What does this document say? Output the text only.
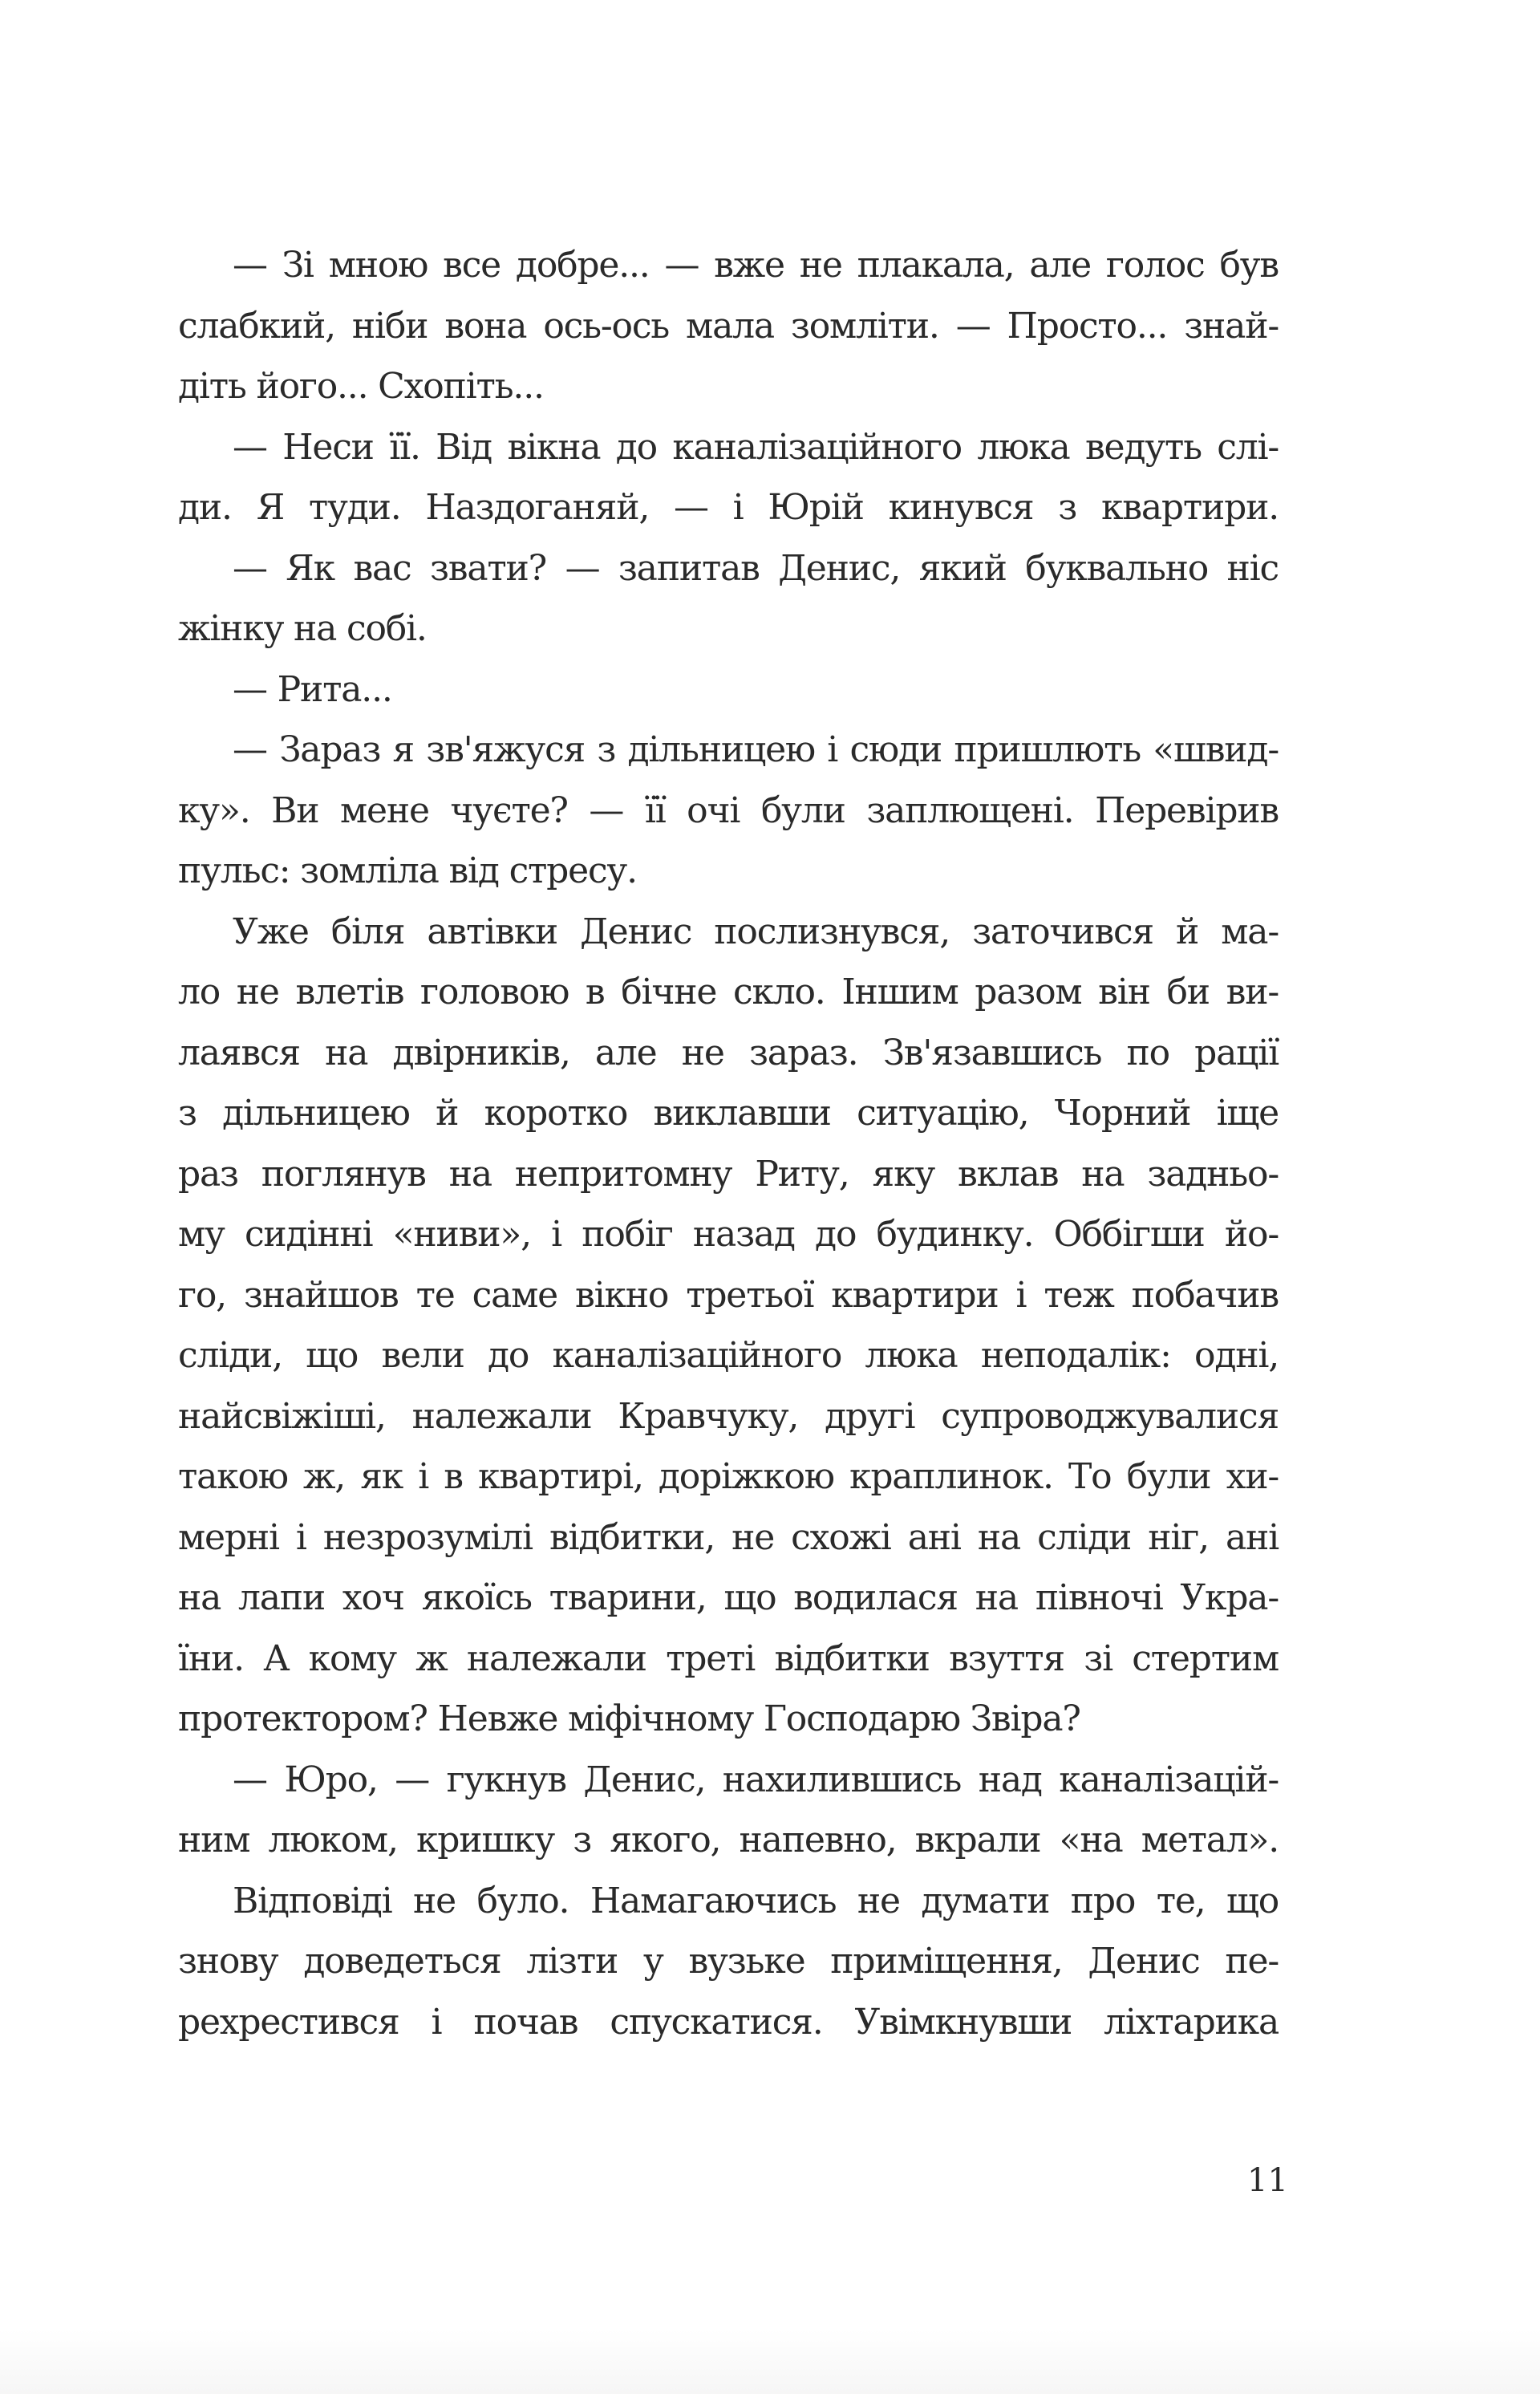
— Зі мною все добре... — вже не плакала, але голос був
слабкий, ніби вона ось-ось мала зомліти. — Просто... знай-
діть його... Схопіть...
— Неси її. Від вікна до каналізаційного люка ведуть слі-
ди. Я туди. Наздоганяй, — і Юрій кинувся з квартири.
— Як вас звати? — запитав Денис, який буквально ніс
жінку на собі.
— Рита...
— Зараз я зв'яжуся з дільницею і сюди пришлють «швид-
ку». Ви мене чуєте? — її очі були заплющені. Перевірив
пульс: зомліла від стресу.
Уже біля автівки Денис послизнувся, заточився й ма-
ло не влетів головою в бічне скло. Іншим разом він би ви-
лаявся на двірників, але не зараз. Зв'язавшись по рації
з дільницею й коротко виклавши ситуацію, Чорний іще
раз поглянув на непритомну Риту, яку вклав на задньо-
му сидінні «ниви», і побіг назад до будинку. Оббігши йо-
го, знайшов те саме вікно третьої квартири і теж побачив
сліди, що вели до каналізаційного люка неподалік: одні,
найсвіжіші, належали Кравчуку, другі супроводжувалися
такою ж, як і в квартирі, доріжкою краплинок. То були хи-
мерні і незрозумілі відбитки, не схожі ані на сліди ніг, ані
на лапи хоч якоїсь тварини, що водилася на півночі Укра-
їни. А кому ж належали треті відбитки взуття зі стертим
протектором? Невже міфічному Господарю Звіра?
— Юро, — гукнув Денис, нахилившись над каналізацій-
ним люком, кришку з якого, напевно, вкрали «на метал».
Відповіді не було. Намагаючись не думати про те, що
знову доведеться лізти у вузьке приміщення, Денис пе-
рехрестився і почав спускатися. Увімкнувши ліхтарика
11
